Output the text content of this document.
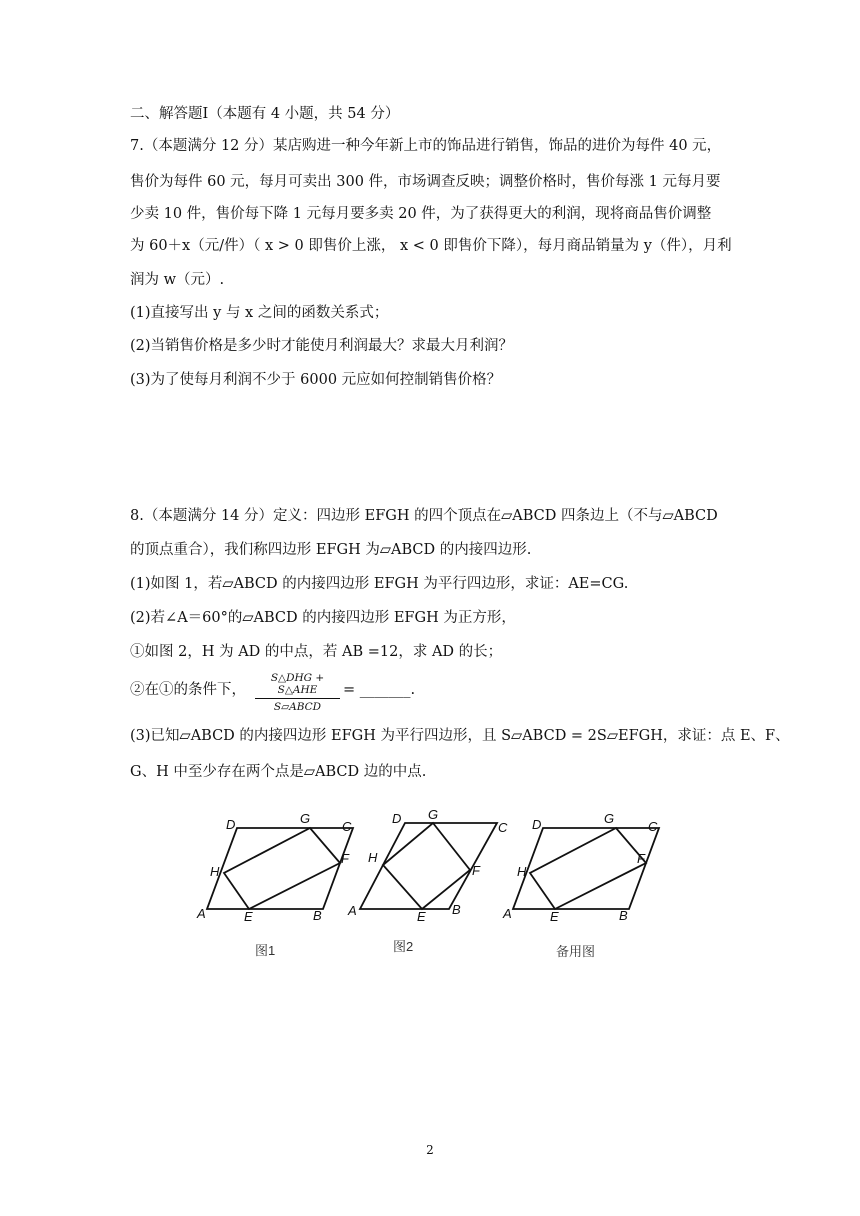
二、解答题Ⅰ（本题有 4 小题，共 54 分）
7.（本题满分 12 分）某店购进一种今年新上市的饰品进行销售，饰品的进价为每件 40 元，
售价为每件 60 元，每月可卖出 300 件，市场调查反映；调整价格时，售价每涨 1 元每月要
少卖 10 件，售价每下降 1 元每月要多卖 20 件，为了获得更大的利润，现将商品售价调整
为 60＋x（元/件）（ x > 0 即售价上涨， x < 0 即售价下降），每月商品销量为 y（件），月利
润为 w（元）.
(1)直接写出 y 与 x 之间的函数关系式；
(2)当销售价格是多少时才能使月利润最大？求最大月利润？
(3)为了使每月利润不少于 6000 元应如何控制销售价格？
8.（本题满分 14 分）定义：四边形 EFGH 的四个顶点在▱ABCD 四条边上（不与▱ABCD
的顶点重合），我们称四边形 EFGH 为▱ABCD 的内接四边形.
(1)如图 1，若▱ABCD 的内接四边形 EFGH 为平行四边形，求证：AE=CG.
(2)若∠A＝60°的▱ABCD 的内接四边形 EFGH 为正方形，
①如图 2，H 为 AD 的中点，若 AB =12，求 AD 的长；
②在①的条件下，
S△DHG + S△AHE
S▱ABCD
= _______.
(3)已知▱ABCD 的内接四边形 EFGH 为平行四边形，且 S▱ABCD = 2S▱EFGH，求证：点 E、F、
G、H 中至少存在两个点是▱ABCD 边的中点.
A	B
C
D
E
F
G
H
A	B
C
D
E
F
G
H
A	B
C
D
E
F
G
H
图1	图2	备用图
2
